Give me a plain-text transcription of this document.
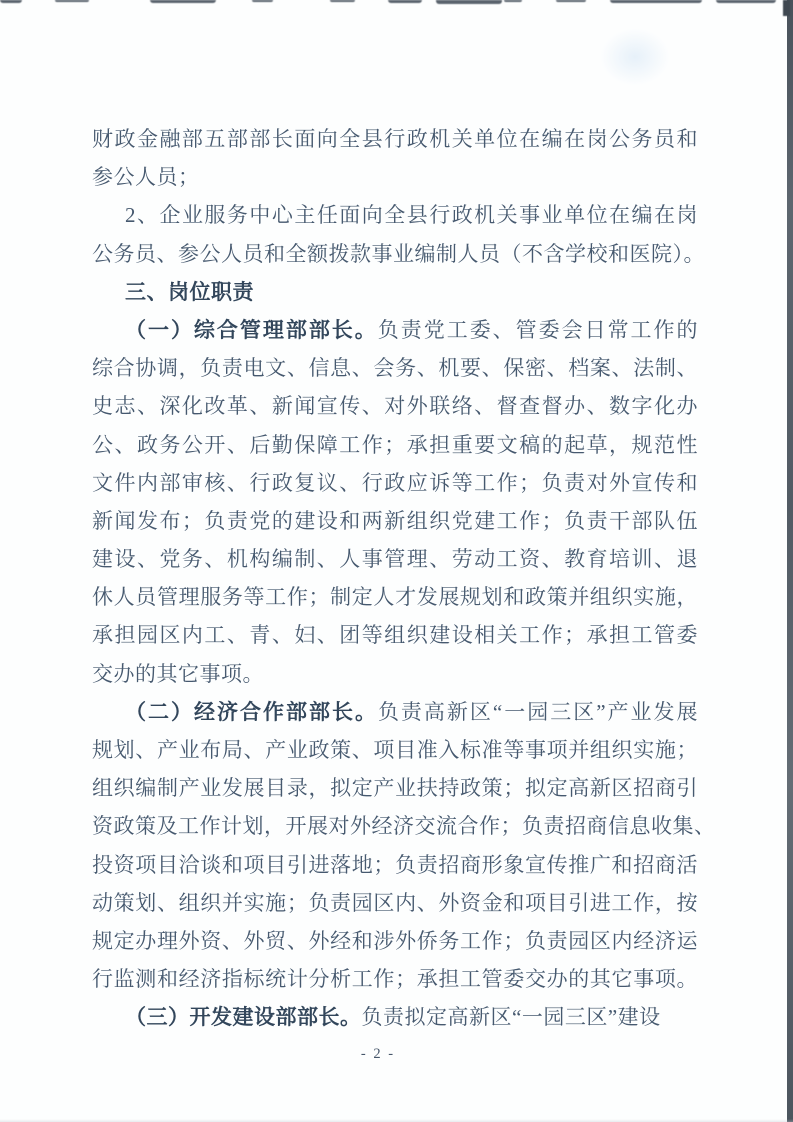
财政金融部五部部长面向全县行政机关单位在编在岗公务员和
参公人员；
2、企业服务中心主任面向全县行政机关事业单位在编在岗
公务员、参公人员和全额拨款事业编制人员（不含学校和医院）。
三、岗位职责
（一）综合管理部部长。负责党工委、管委会日常工作的
综合协调，负责电文、信息、会务、机要、保密、档案、法制、
史志、深化改革、新闻宣传、对外联络、督查督办、数字化办
公、政务公开、后勤保障工作；承担重要文稿的起草，规范性
文件内部审核、行政复议、行政应诉等工作；负责对外宣传和
新闻发布；负责党的建设和两新组织党建工作；负责干部队伍
建设、党务、机构编制、人事管理、劳动工资、教育培训、退
休人员管理服务等工作；制定人才发展规划和政策并组织实施，
承担园区内工、青、妇、团等组织建设相关工作；承担工管委
交办的其它事项。
（二）经济合作部部长。负责高新区“一园三区”产业发展
规划、产业布局、产业政策、项目准入标准等事项并组织实施；
组织编制产业发展目录，拟定产业扶持政策；拟定高新区招商引
资政策及工作计划，开展对外经济交流合作；负责招商信息收集、
投资项目洽谈和项目引进落地；负责招商形象宣传推广和招商活
动策划、组织并实施；负责园区内、外资金和项目引进工作，按
规定办理外资、外贸、外经和涉外侨务工作；负责园区内经济运
行监测和经济指标统计分析工作；承担工管委交办的其它事项。
（三）开发建设部部长。负责拟定高新区“一园三区”建设
- 2 -
